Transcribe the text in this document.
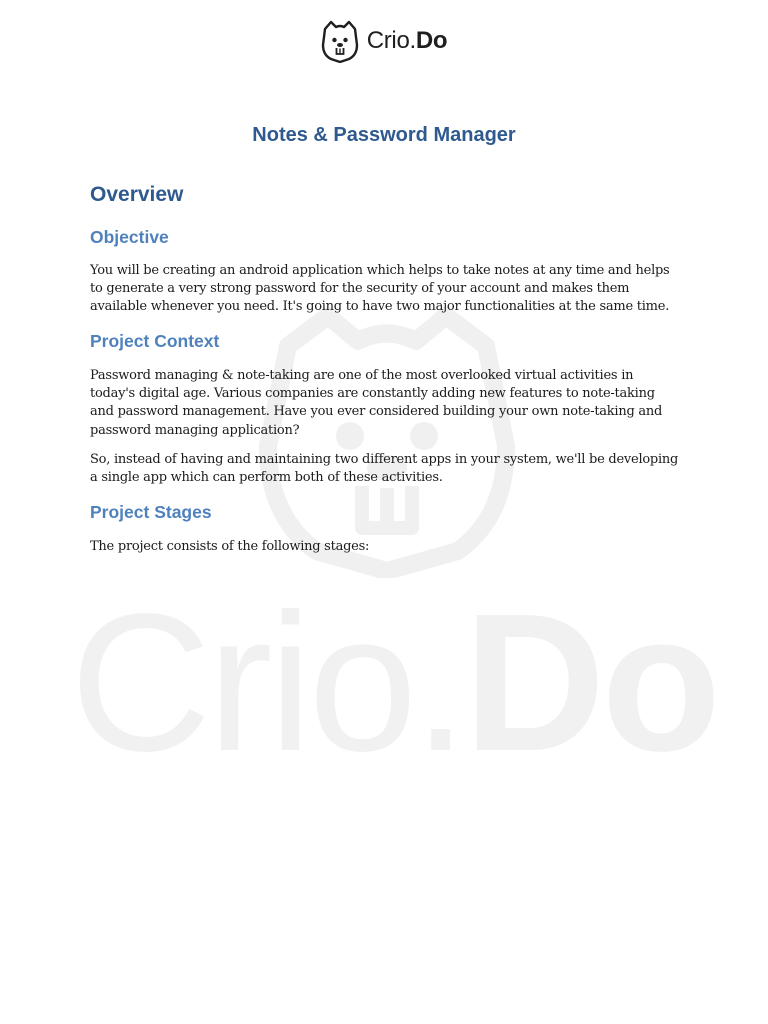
Crio.Do
Crio.Do
Notes & Password Manager
Overview
Objective

You will be creating an android application which helps to take notes at any time and helps to generate a very strong password for the security of your account and makes them available whenever you need. It's going to have two major functionalities at the same time.

Project Context

Password managing & note-taking are one of the most overlooked virtual activities in today's digital age. Various companies are constantly adding new features to note-taking and password management. Have you ever considered building your own note-taking and password managing application?

So, instead of having and maintaining two different apps in your system, we'll be developing a single app which can perform both of these activities.

Project Stages

The project consists of the following stages:
